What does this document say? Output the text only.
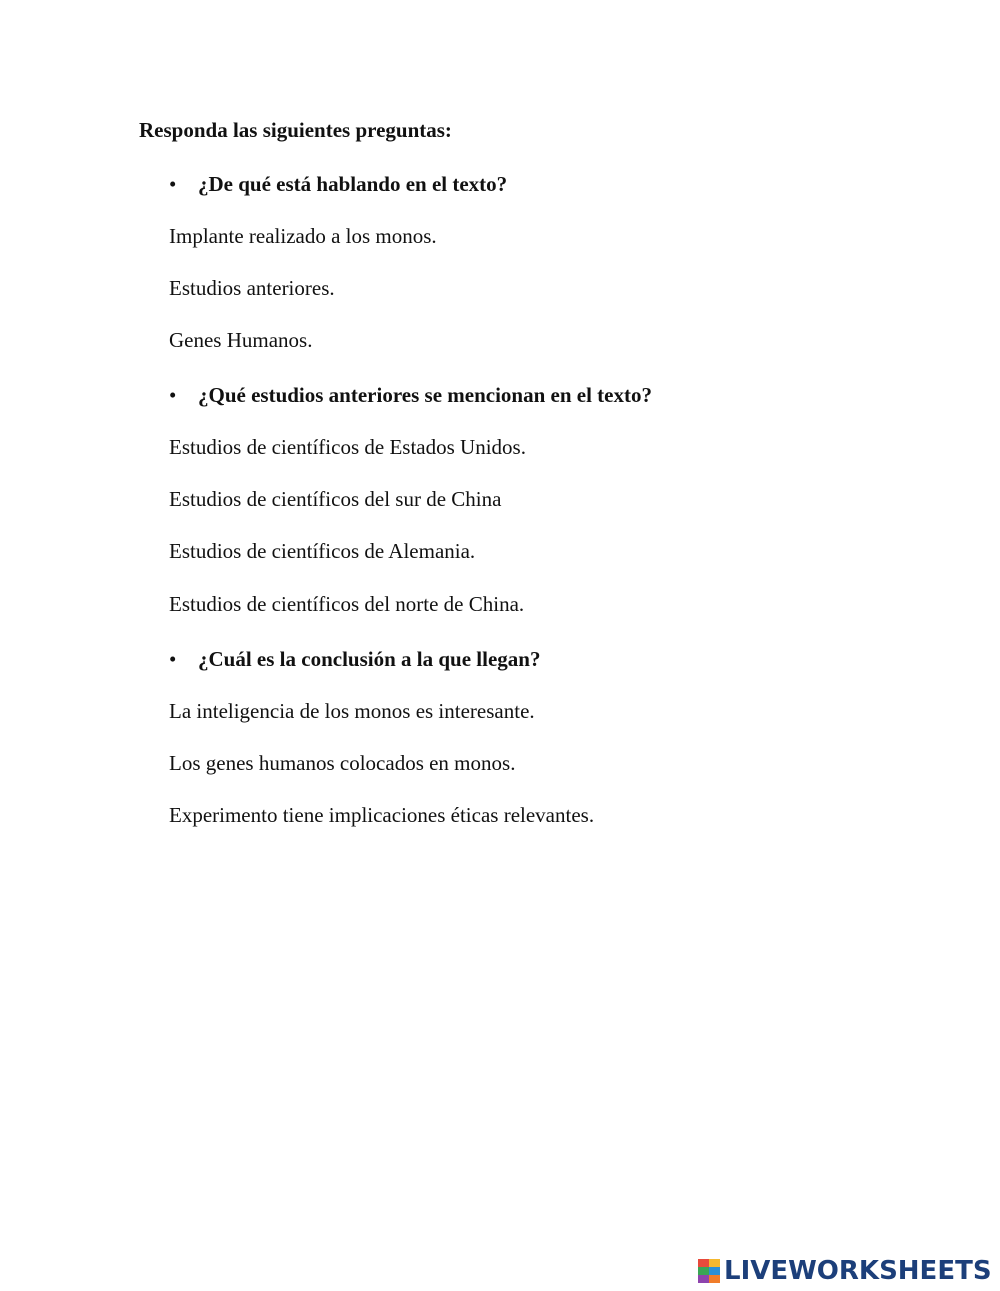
Responda las siguientes preguntas:
• ¿De qué está hablando en el texto?
Implante realizado a los monos.
Estudios anteriores.
Genes Humanos.
• ¿Qué estudios anteriores se mencionan en el texto?
Estudios de científicos de Estados Unidos.
Estudios de científicos del sur de China
Estudios de científicos de Alemania.
Estudios de científicos del norte de China.
• ¿Cuál es la conclusión a la que llegan?
La inteligencia de los monos es interesante.
Los genes humanos colocados en monos.
Experimento tiene implicaciones éticas relevantes.
LIVEWORKSHEETS
